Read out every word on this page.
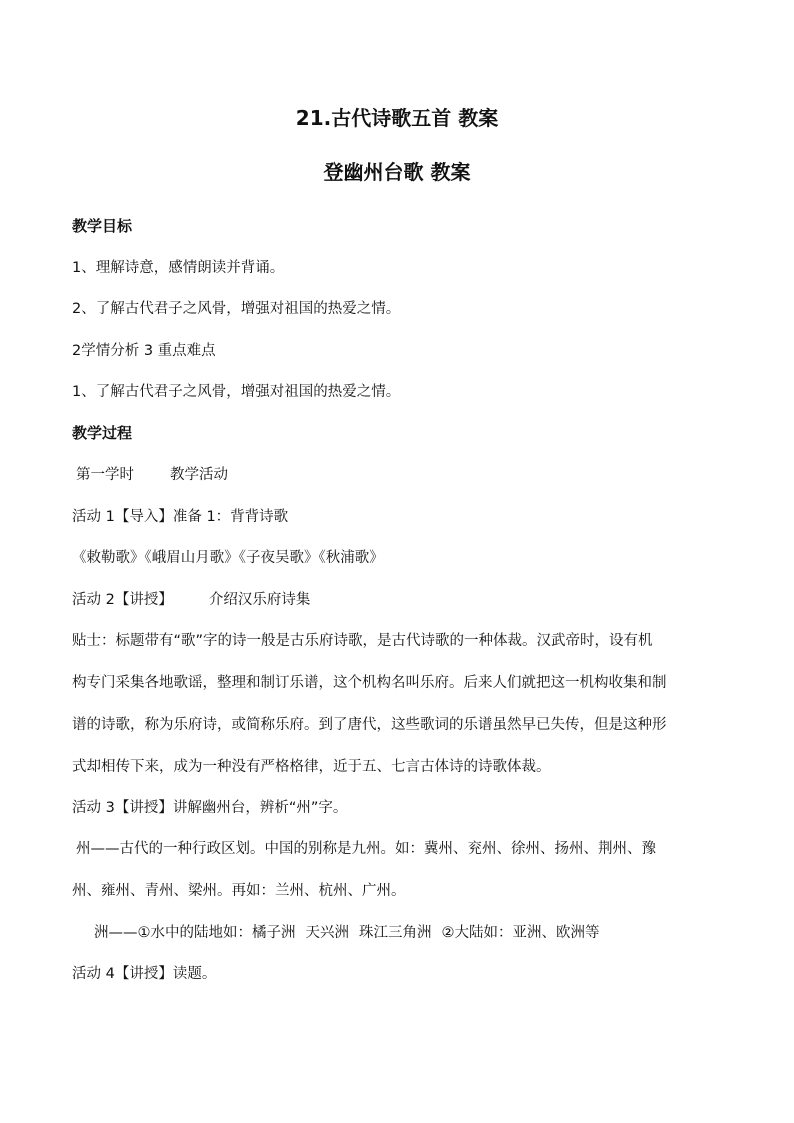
21.古代诗歌五首 教案
登幽州台歌 教案
教学目标
1、理解诗意，感情朗读并背诵。
2、了解古代君子之风骨，增强对祖国的热爱之情。
2学情分析 3 重点难点
1、了解古代君子之风骨，增强对祖国的热爱之情。
教学过程
第一学时 教学活动
活动 1【导入】准备 1：背背诗歌
《敕勒歌》《峨眉山月歌》《子夜吴歌》《秋浦歌》
活动 2【讲授】 介绍汉乐府诗集
贴士：标题带有“歌”字的诗一般是古乐府诗歌，是古代诗歌的一种体裁。汉武帝时，设有机
构专门采集各地歌谣，整理和制订乐谱，这个机构名叫乐府。后来人们就把这一机构收集和制
谱的诗歌，称为乐府诗，或简称乐府。到了唐代，这些歌词的乐谱虽然早已失传，但是这种形
式却相传下来，成为一种没有严格格律，近于五、七言古体诗的诗歌体裁。
活动 3【讲授】讲解幽州台，辨析“州”字。
州——古代的一种行政区划。中国的别称是九州。如：冀州、兖州、徐州、扬州、荆州、豫
州、雍州、青州、梁州。再如：兰州、杭州、广州。
洲——①水中的陆地如：橘子洲 天兴洲 珠江三角洲 ②大陆如：亚洲、欧洲等
活动 4【讲授】读题。
